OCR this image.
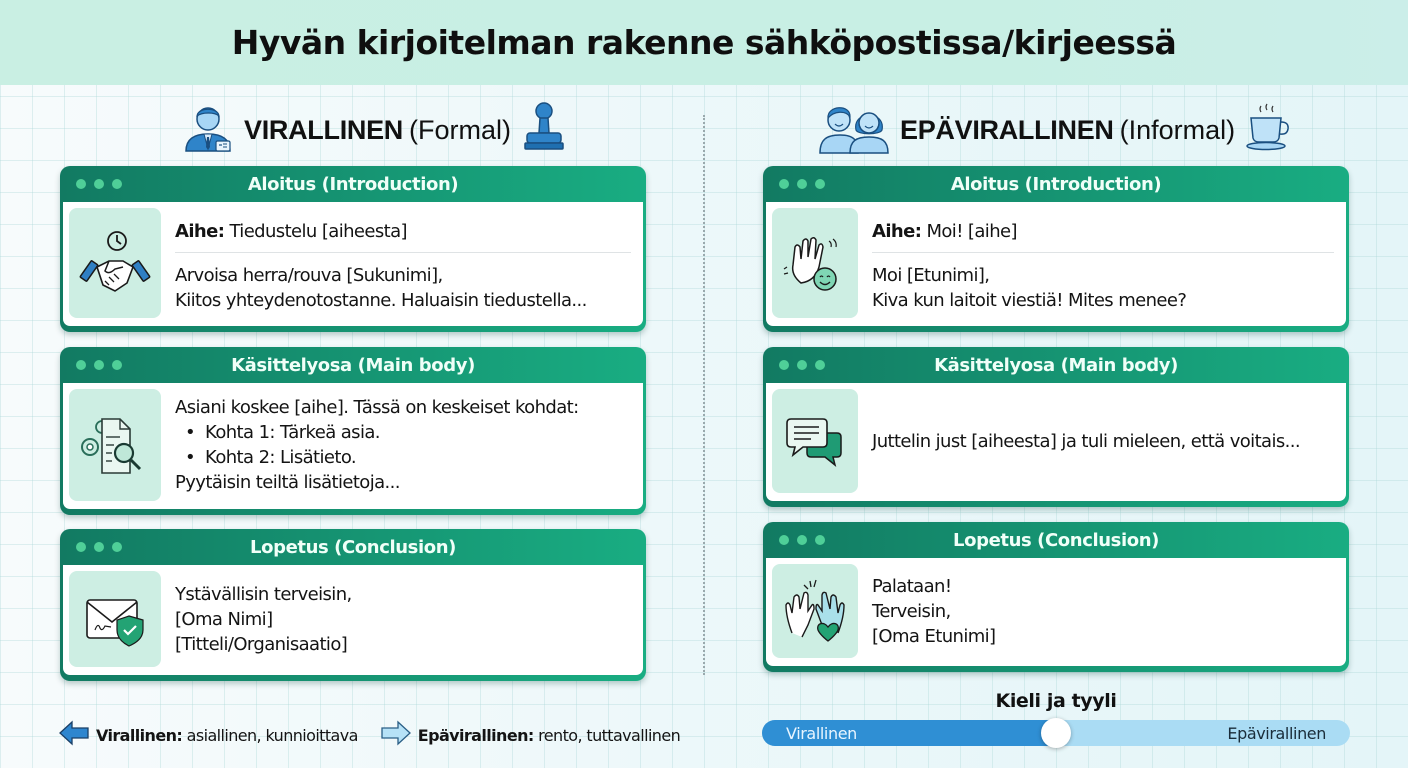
Hyvän kirjoitelman rakenne sähköpostissa/kirjeessä
VIRALLINEN (Formal)	EPÄVIRALLINEN (Informal)
Aloitus (Introduction)
Aihe: Tiedustelu [aiheesta]
Arvoisa herra/rouva [Sukunimi],
Kiitos yhteydenotostanne. Haluaisin tiedustella...
Käsittelyosa (Main body)
Asiani koskee [aihe]. Tässä on keskeiset kohdat:
• Kohta 1: Tärkeä asia.
• Kohta 2: Lisätieto.
Pyytäisin teiltä lisätietoja...
Lopetus (Conclusion)
Ystävällisin terveisin,
[Oma Nimi]
[Titteli/Organisaatio]
Aloitus (Introduction)
Aihe: Moi! [aihe]
Moi [Etunimi],
Kiva kun laitoit viestiä! Mites menee?
Käsittelyosa (Main body)
Juttelin just [aiheesta] ja tuli mieleen, että voitais...
Lopetus (Conclusion)
Palataan!
Terveisin,
[Oma Etunimi]
Virallinen: asiallinen, kunnioittava	Epävirallinen: rento, tuttavallinen
Kieli ja tyyli
Virallinen	Epävirallinen
